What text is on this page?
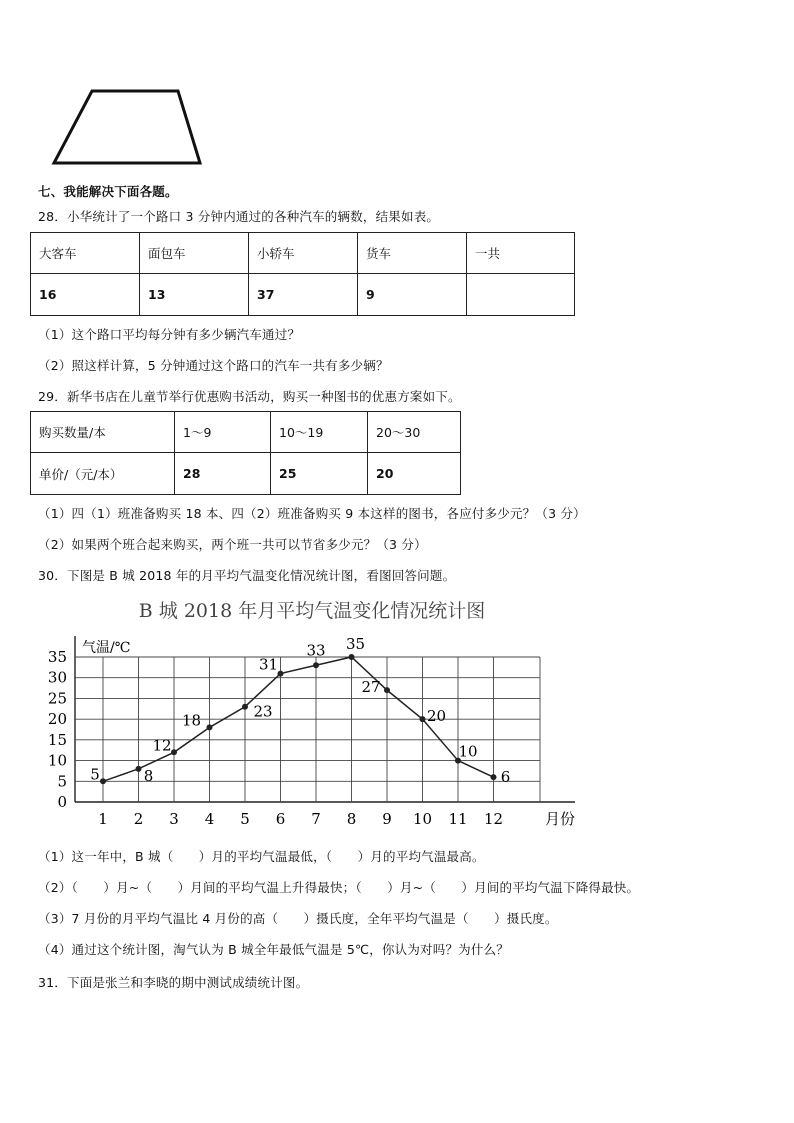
七、我能解决下面各题。
28．小华统计了一个路口 3 分钟内通过的各种汽车的辆数，结果如表。
大客车	面包车	小轿车	货车	一共
16	13	37	9	
（1）这个路口平均每分钟有多少辆汽车通过？
（2）照这样计算，5 分钟通过这个路口的汽车一共有多少辆？
29．新华书店在儿童节举行优惠购书活动，购买一种图书的优惠方案如下。
购买数量/本	1～9	10～19	20～30
单价/（元/本）	28	25	20
（1）四（1）班准备购买 18 本、四（2）班准备购买 9 本这样的图书，各应付多少元？（3 分）
（2）如果两个班合起来购买，两个班一共可以节省多少元？（3 分）
30．下图是 B 城 2018 年的月平均气温变化情况统计图，看图回答问题。
B 城 2018 年月平均气温变化情况统计图
气温/℃
月份
0
5
10
15
20
25
30
35
1 2 3 4 5 6 7 8 9 10 11 12
5	8
12
18	23
31
33 35
27
20
10
6
（1）这一年中，B 城（　　）月的平均气温最低，（　　）月的平均气温最高。
（2）（　　）月~（　　）月间的平均气温上升得最快；（　　）月~（　　）月间的平均气温下降得最快。
（3）7 月份的月平均气温比 4 月份的高（　　）摄氏度，全年平均气温是（　　）摄氏度。
（4）通过这个统计图，淘气认为 B 城全年最低气温是 5℃，你认为对吗？为什么？
31．下面是张兰和李晓的期中测试成绩统计图。
